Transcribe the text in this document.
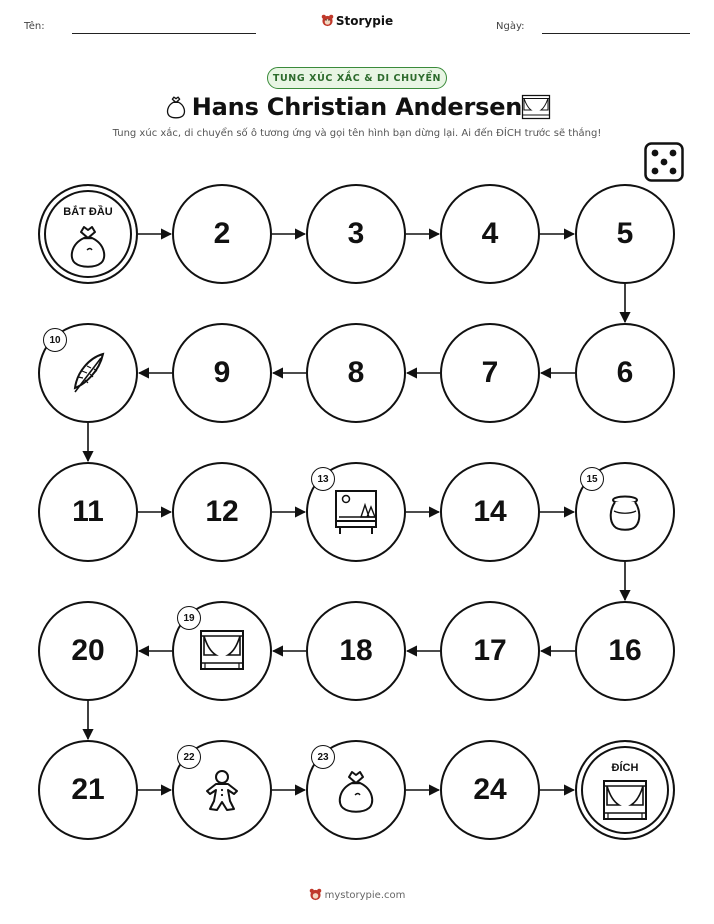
Tên:	Storypie	Ngày:
TUNG XÚC XẮC & DI CHUYỂN
Hans Christian Andersen
Tung xúc xắc, di chuyển số ô tương ứng và gọi tên hình bạn dừng lại. Ai đến ĐÍCH trước sẽ thắng!
BẮT ĐẦU
2	3	4	5
6
7
8
9
10
11	12
13
14
15
16
17
18
19
20
21
22	23
24
ĐÍCH
mystorypie.com
